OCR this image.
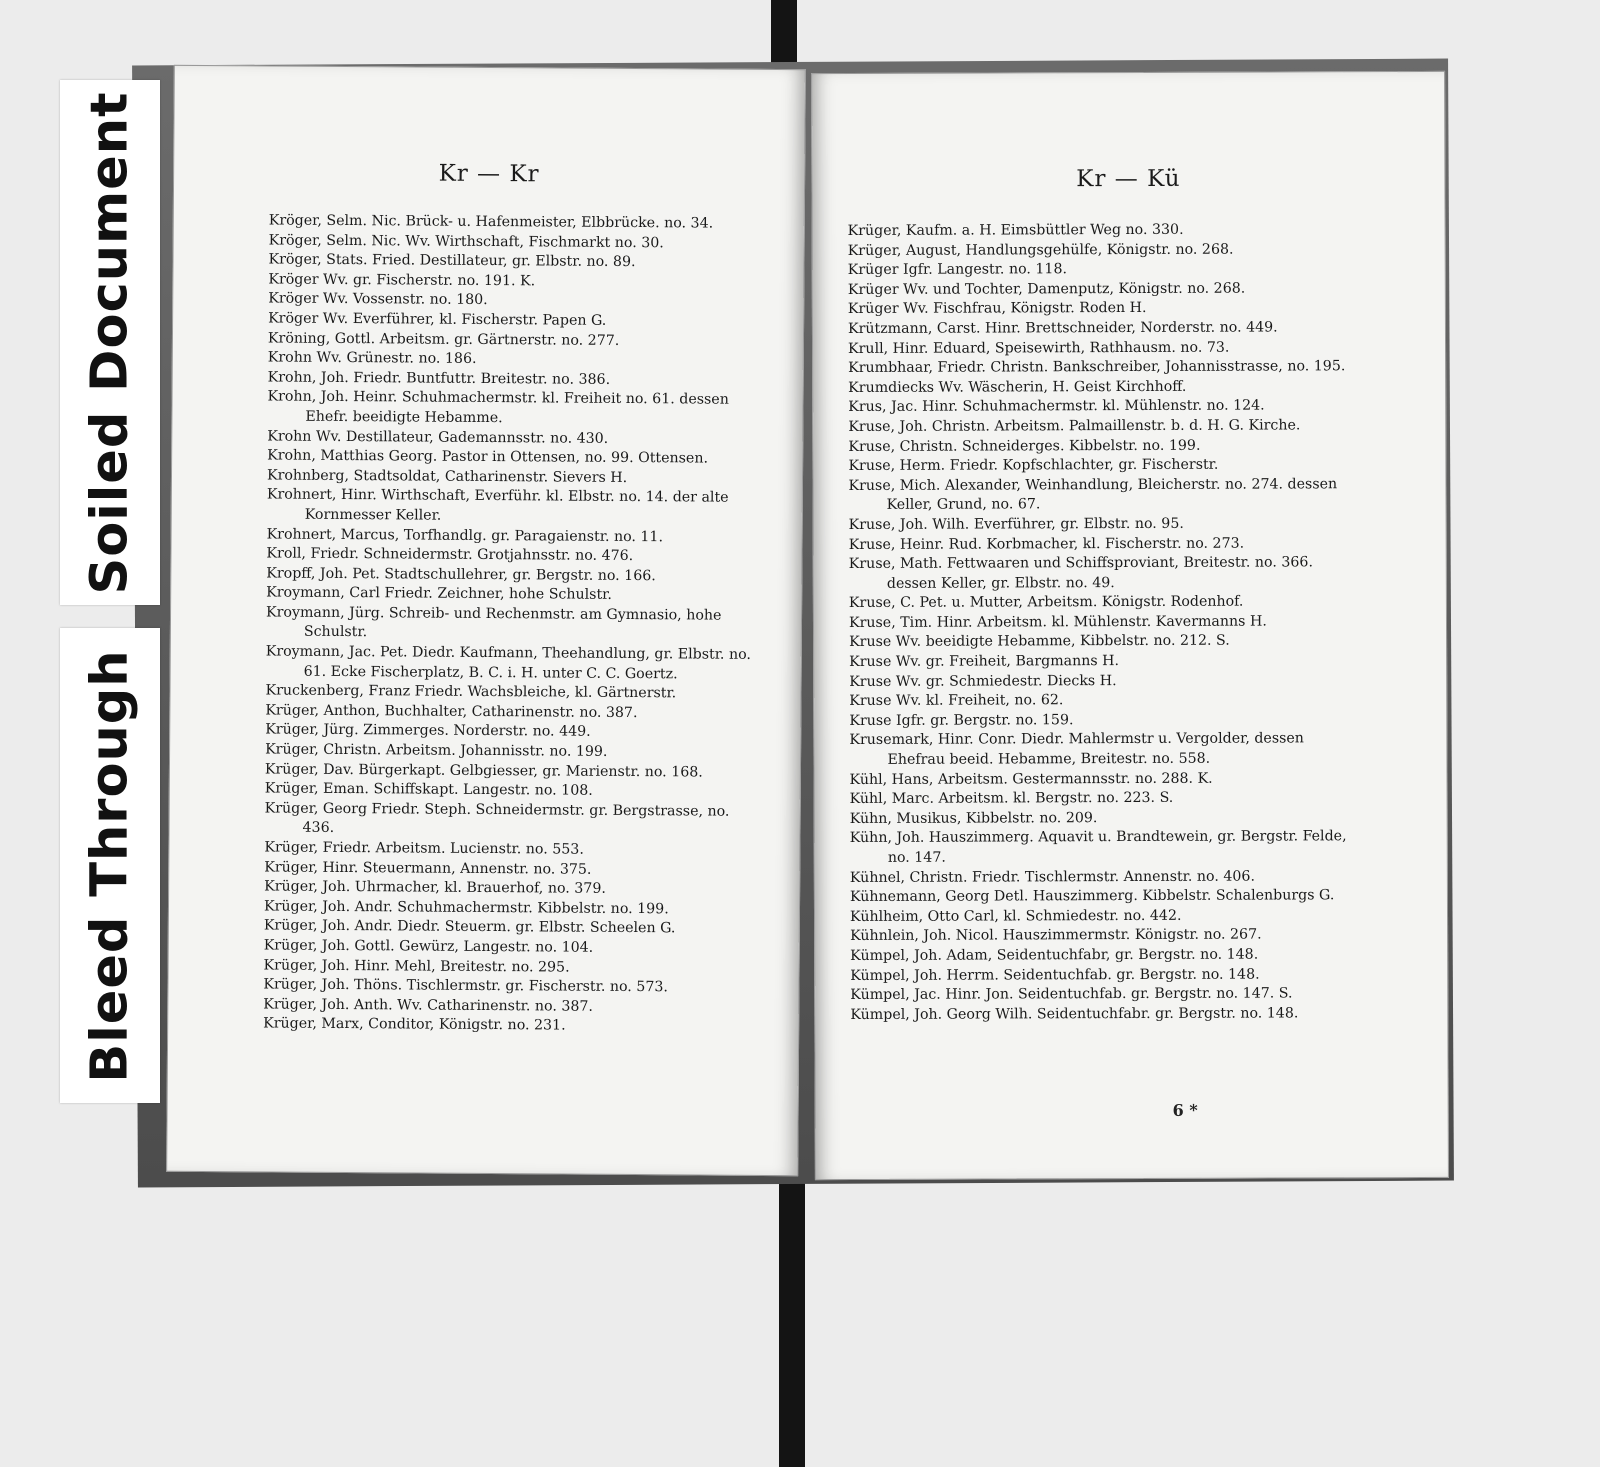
Kr — Kr
Kröger, Selm. Nic. Brück- u. Hafenmeister, Elbbrücke. no. 34.
Kröger, Selm. Nic. Wv. Wirthschaft, Fischmarkt no. 30.
Kröger, Stats. Fried. Destillateur, gr. Elbstr. no. 89.
Kröger Wv. gr. Fischerstr. no. 191. K.
Kröger Wv. Vossenstr. no. 180.
Kröger Wv. Everführer, kl. Fischerstr. Papen G.
Kröning, Gottl. Arbeitsm. gr. Gärtnerstr. no. 277.
Krohn Wv. Grünestr. no. 186.
Krohn, Joh. Friedr. Buntfuttr. Breitestr. no. 386.
Krohn, Joh. Heinr. Schuhmachermstr. kl. Freiheit no. 61. dessen Ehefr. beeidigte Hebamme.
Krohn Wv. Destillateur, Gademannsstr. no. 430.
Krohn, Matthias Georg. Pastor in Ottensen, no. 99. Ottensen.
Krohnberg, Stadtsoldat, Catharinenstr. Sievers H.
Krohnert, Hinr. Wirthschaft, Everführ. kl. Elbstr. no. 14. der alte Kornmesser Keller.
Krohnert, Marcus, Torfhandlg. gr. Paragaienstr. no. 11.
Kroll, Friedr. Schneidermstr. Grotjahnsstr. no. 476.
Kropff, Joh. Pet. Stadtschullehrer, gr. Bergstr. no. 166.
Kroymann, Carl Friedr. Zeichner, hohe Schulstr.
Kroymann, Jürg. Schreib- und Rechenmstr. am Gymnasio, hohe Schulstr.
Kroymann, Jac. Pet. Diedr. Kaufmann, Theehandlung, gr. Elbstr. no. 61. Ecke Fischerplatz, B. C. i. H. unter C. C. Goertz.
Kruckenberg, Franz Friedr. Wachsbleiche, kl. Gärtnerstr.
Krüger, Anthon, Buchhalter, Catharinenstr. no. 387.
Krüger, Jürg. Zimmerges. Norderstr. no. 449.
Krüger, Christn. Arbeitsm. Johannisstr. no. 199.
Krüger, Dav. Bürgerkapt. Gelbgiesser, gr. Marienstr. no. 168.
Krüger, Eman. Schiffskapt. Langestr. no. 108.
Krüger, Georg Friedr. Steph. Schneidermstr. gr. Bergstrasse, no. 436.
Krüger, Friedr. Arbeitsm. Lucienstr. no. 553.
Krüger, Hinr. Steuermann, Annenstr. no. 375.
Krüger, Joh. Uhrmacher, kl. Brauerhof, no. 379.
Krüger, Joh. Andr. Schuhmachermstr. Kibbelstr. no. 199.
Krüger, Joh. Andr. Diedr. Steuerm. gr. Elbstr. Scheelen G.
Krüger, Joh. Gottl. Gewürz, Langestr. no. 104.
Krüger, Joh. Hinr. Mehl, Breitestr. no. 295.
Krüger, Joh. Thöns. Tischlermstr. gr. Fischerstr. no. 573.
Krüger, Joh. Anth. Wv. Catharinenstr. no. 387.
Krüger, Marx, Conditor, Königstr. no. 231.
Kr — Kü
Krüger, Kaufm. a. H. Eimsbüttler Weg no. 330.
Krüger, August, Handlungsgehülfe, Königstr. no. 268.
Krüger Igfr. Langestr. no. 118.
Krüger Wv. und Tochter, Damenputz, Königstr. no. 268.
Krüger Wv. Fischfrau, Königstr. Roden H.
Krützmann, Carst. Hinr. Brettschneider, Norderstr. no. 449.
Krull, Hinr. Eduard, Speisewirth, Rathhausm. no. 73.
Krumbhaar, Friedr. Christn. Bankschreiber, Johannisstrasse, no. 195.
Krumdiecks Wv. Wäscherin, H. Geist Kirchhoff.
Krus, Jac. Hinr. Schuhmachermstr. kl. Mühlenstr. no. 124.
Kruse, Joh. Christn. Arbeitsm. Palmaillenstr. b. d. H. G. Kirche.
Kruse, Christn. Schneiderges. Kibbelstr. no. 199.
Kruse, Herm. Friedr. Kopfschlachter, gr. Fischerstr.
Kruse, Mich. Alexander, Weinhandlung, Bleicherstr. no. 274. dessen Keller, Grund, no. 67.
Kruse, Joh. Wilh. Everführer, gr. Elbstr. no. 95.
Kruse, Heinr. Rud. Korbmacher, kl. Fischerstr. no. 273.
Kruse, Math. Fettwaaren und Schiffsproviant, Breitestr. no. 366. dessen Keller, gr. Elbstr. no. 49.
Kruse, C. Pet. u. Mutter, Arbeitsm. Königstr. Rodenhof.
Kruse, Tim. Hinr. Arbeitsm. kl. Mühlenstr. Kavermanns H.
Kruse Wv. beeidigte Hebamme, Kibbelstr. no. 212. S.
Kruse Wv. gr. Freiheit, Bargmanns H.
Kruse Wv. gr. Schmiedestr. Diecks H.
Kruse Wv. kl. Freiheit, no. 62.
Kruse Igfr. gr. Bergstr. no. 159.
Krusemark, Hinr. Conr. Diedr. Mahlermstr u. Vergolder, dessen Ehefrau beeid. Hebamme, Breitestr. no. 558.
Kühl, Hans, Arbeitsm. Gestermannsstr. no. 288. K.
Kühl, Marc. Arbeitsm. kl. Bergstr. no. 223. S.
Kühn, Musikus, Kibbelstr. no. 209.
Kühn, Joh. Hauszimmerg. Aquavit u. Brandtewein, gr. Bergstr. Felde, no. 147.
Kühnel, Christn. Friedr. Tischlermstr. Annenstr. no. 406.
Kühnemann, Georg Detl. Hauszimmerg. Kibbelstr. Schalenburgs G.
Kühlheim, Otto Carl, kl. Schmiedestr. no. 442.
Kühnlein, Joh. Nicol. Hauszimmermstr. Königstr. no. 267.
Kümpel, Joh. Adam, Seidentuchfabr, gr. Bergstr. no. 148.
Kümpel, Joh. Herrm. Seidentuchfab. gr. Bergstr. no. 148.
Kümpel, Jac. Hinr. Jon. Seidentuchfab. gr. Bergstr. no. 147. S.
Kümpel, Joh. Georg Wilh. Seidentuchfabr. gr. Bergstr. no. 148.
6 *
Soiled Document
Bleed Through
